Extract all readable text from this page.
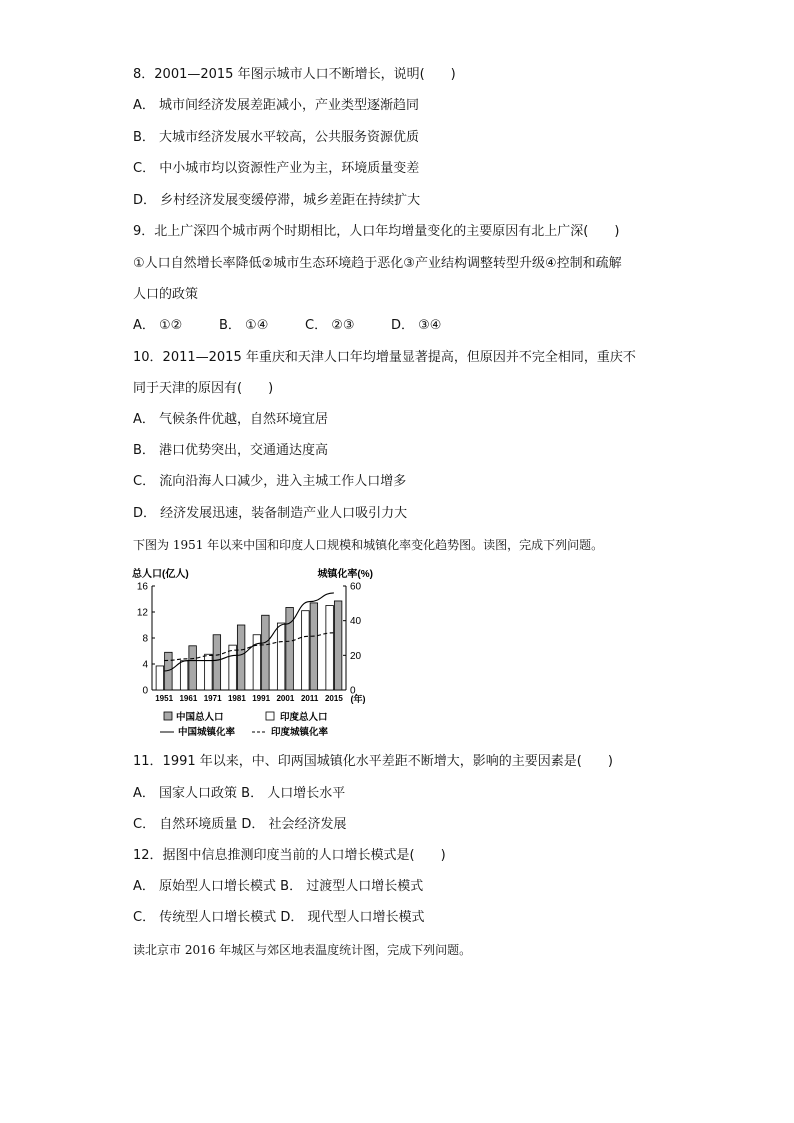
8．2001—2015 年图示城市人口不断增长，说明(　　)
A． 城市间经济发展差距减小，产业类型逐渐趋同
B． 大城市经济发展水平较高，公共服务资源优质
C． 中小城市均以资源性产业为主，环境质量变差
D． 乡村经济发展变缓停滞，城乡差距在持续扩大
9．北上广深四个城市两个时期相比，人口年均增量变化的主要原因有北上广深(　　)
①人口自然增长率降低②城市生态环境趋于恶化③产业结构调整转型升级④控制和疏解
人口的政策
A． ①②	B． ①④	C． ②③	D． ③④
10．2011—2015 年重庆和天津人口年均增量显著提高，但原因并不完全相同，重庆不
同于天津的原因有(　　)
A． 气候条件优越，自然环境宜居
B． 港口优势突出，交通通达度高
C． 流向沿海人口减少，进入主城工作人口增多
D． 经济发展迅速，装备制造产业人口吸引力大
下图为 1951 年以来中国和印度人口规模和城镇化率变化趋势图。读图，完成下列问题。
总人口(亿人)	城镇化率(%)
0
4
8
12
16
0
20
40
60
1951 1961 1971 1981 1991 2001 2011 2015 (年)
中国总人口	印度总人口
中国城镇化率	印度城镇化率
11．1991 年以来，中、印两国城镇化水平差距不断增大，影响的主要因素是(　　)
A． 国家人口政策 B． 人口增长水平
C． 自然环境质量 D． 社会经济发展
12．据图中信息推测印度当前的人口增长模式是(　　)
A． 原始型人口增长模式 B． 过渡型人口增长模式
C． 传统型人口增长模式 D． 现代型人口增长模式
读北京市 2016 年城区与郊区地表温度统计图，完成下列问题。
